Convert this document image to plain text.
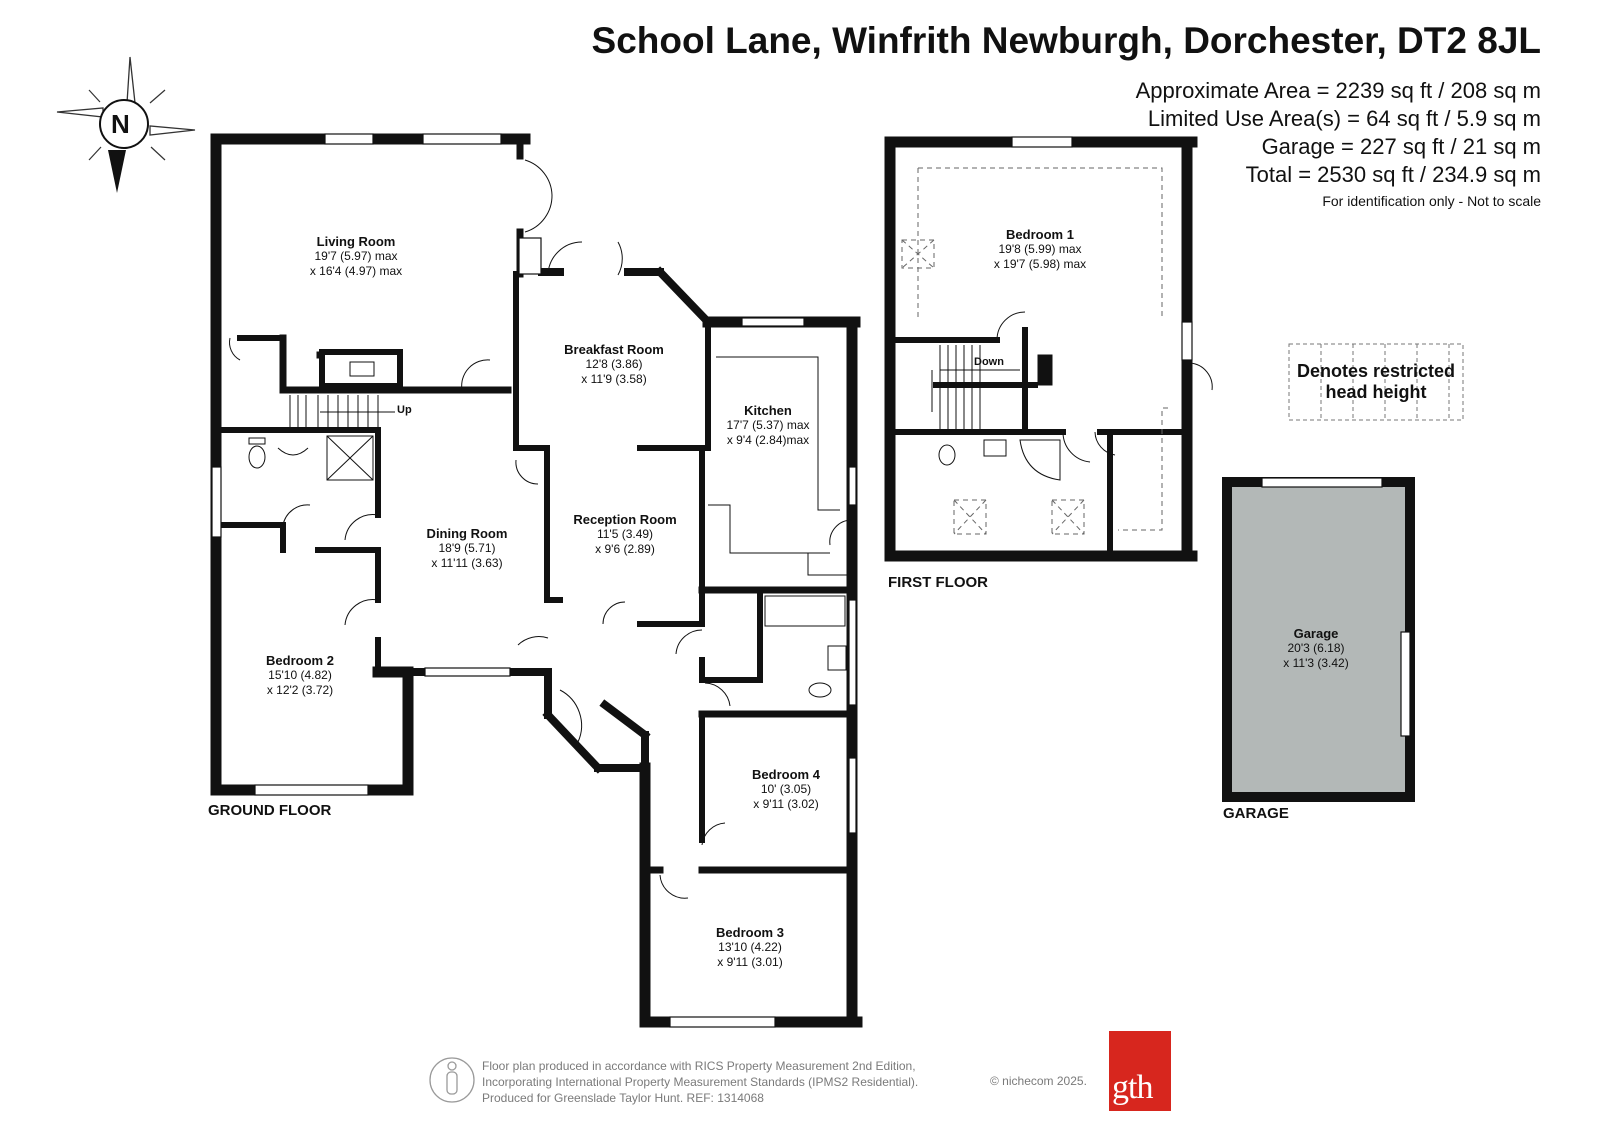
School Lane, Winfrith Newburgh, Dorchester, DT2 8JL
Approximate Area = 2239 sq ft / 208 sq m
Limited Use Area(s) = 64 sq ft / 5.9 sq m
Garage = 227 sq ft / 21 sq m
Total = 2530 sq ft / 234.9 sq m
For identification only - Not to scale
N
GROUND FLOOR
FIRST FLOOR
GARAGE
Up
Down	Denotes restricted
head height
Living Room
19'7 (5.97) max
x 16'4 (4.97) max
Breakfast Room
12'8 (3.86)
x 11'9 (3.58)
Kitchen
17'7 (5.37) max
x 9'4 (2.84)max
Dining Room
18'9 (5.71)
x 11'11 (3.63)
Reception Room
11'5 (3.49)
x 9'6 (2.89)
Bedroom 2
15'10 (4.82)
x 12'2 (3.72)
Bedroom 4
10' (3.05)
x 9'11 (3.02)
Bedroom 3
13'10 (4.22)
x 9'11 (3.01)
Bedroom 1
19'8 (5.99) max
x 19'7 (5.98) max
Garage
20'3 (6.18)
x 11'3 (3.42)
Floor plan produced in accordance with RICS Property Measurement 2nd Edition,
Incorporating International Property Measurement Standards (IPMS2 Residential).
Produced for Greenslade Taylor Hunt. REF: 1314068
© nichecom 2025. gth
